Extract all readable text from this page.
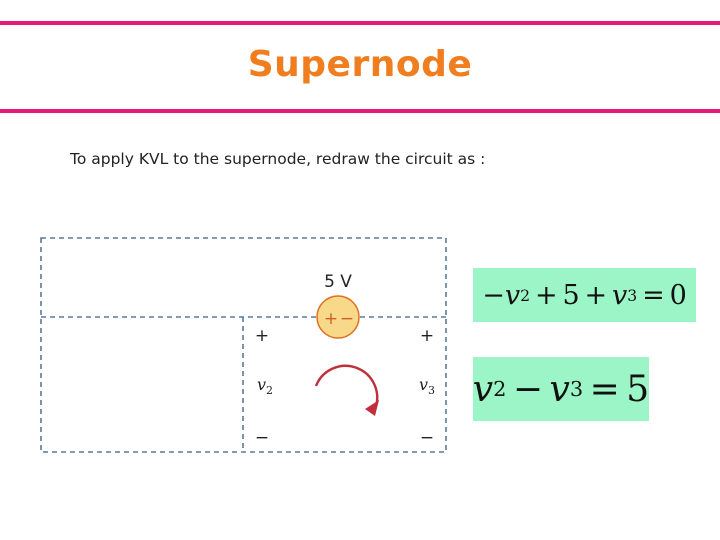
Supernode
To apply KVL to the supernode, redraw the circuit as :
5 V
+ −
+
$v_2$
−
+
$v_3$
−
− v 2 + 5 + v 3 = 0
v 2 − v 3 = 5
